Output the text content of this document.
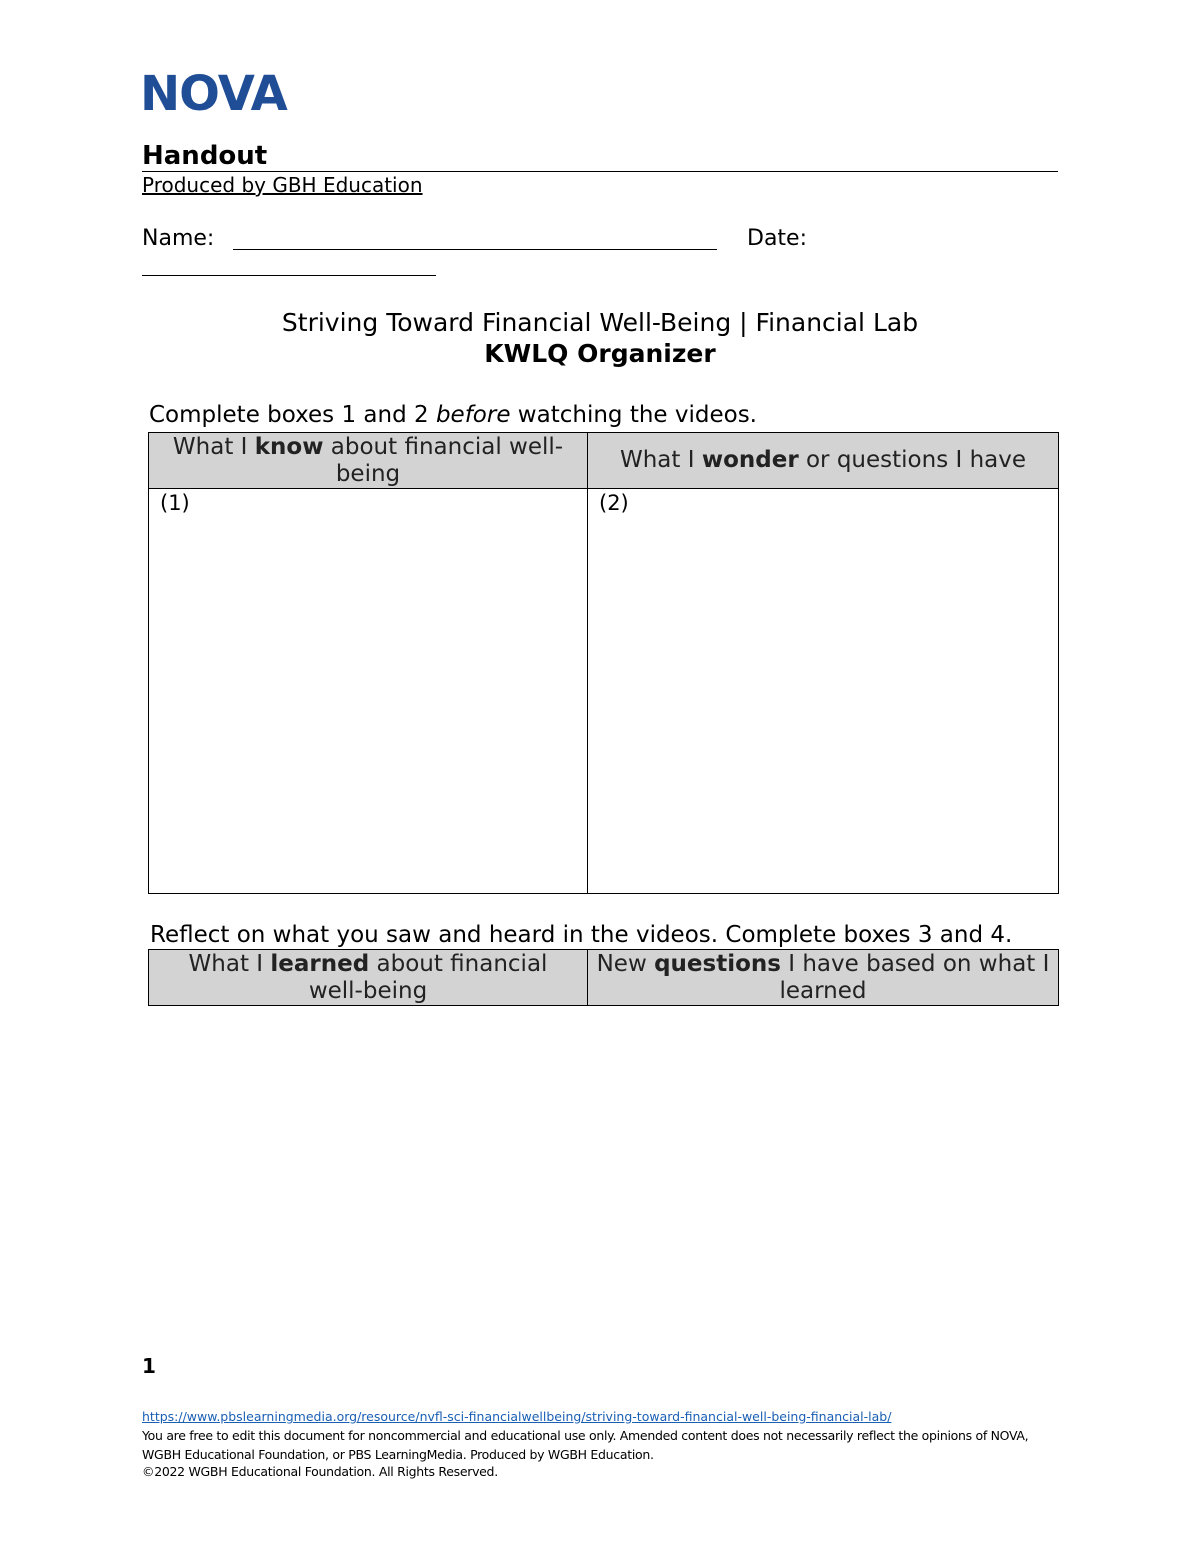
NOVA
Handout
Produced by GBH Education
Name:	Date:
Striving Toward Financial Well-Being | Financial Lab
KWLQ Organizer
Complete boxes 1 and 2 before watching the videos.
What I know about financial well-being	What I wonder or questions I have
(1)	(2)
Reflect on what you saw and heard in the videos. Complete boxes 3 and 4.
What I learned about financial well-being	New questions I have based on what I learned
1
https://www.pbslearningmedia.org/resource/nvfl-sci-financialwellbeing/striving-toward-financial-well-being-financial-lab/
You are free to edit this document for noncommercial and educational use only. Amended content does not necessarily reflect the opinions of NOVA, WGBH Educational Foundation, or PBS LearningMedia. Produced by WGBH Education.
©2022 WGBH Educational Foundation. All Rights Reserved.
